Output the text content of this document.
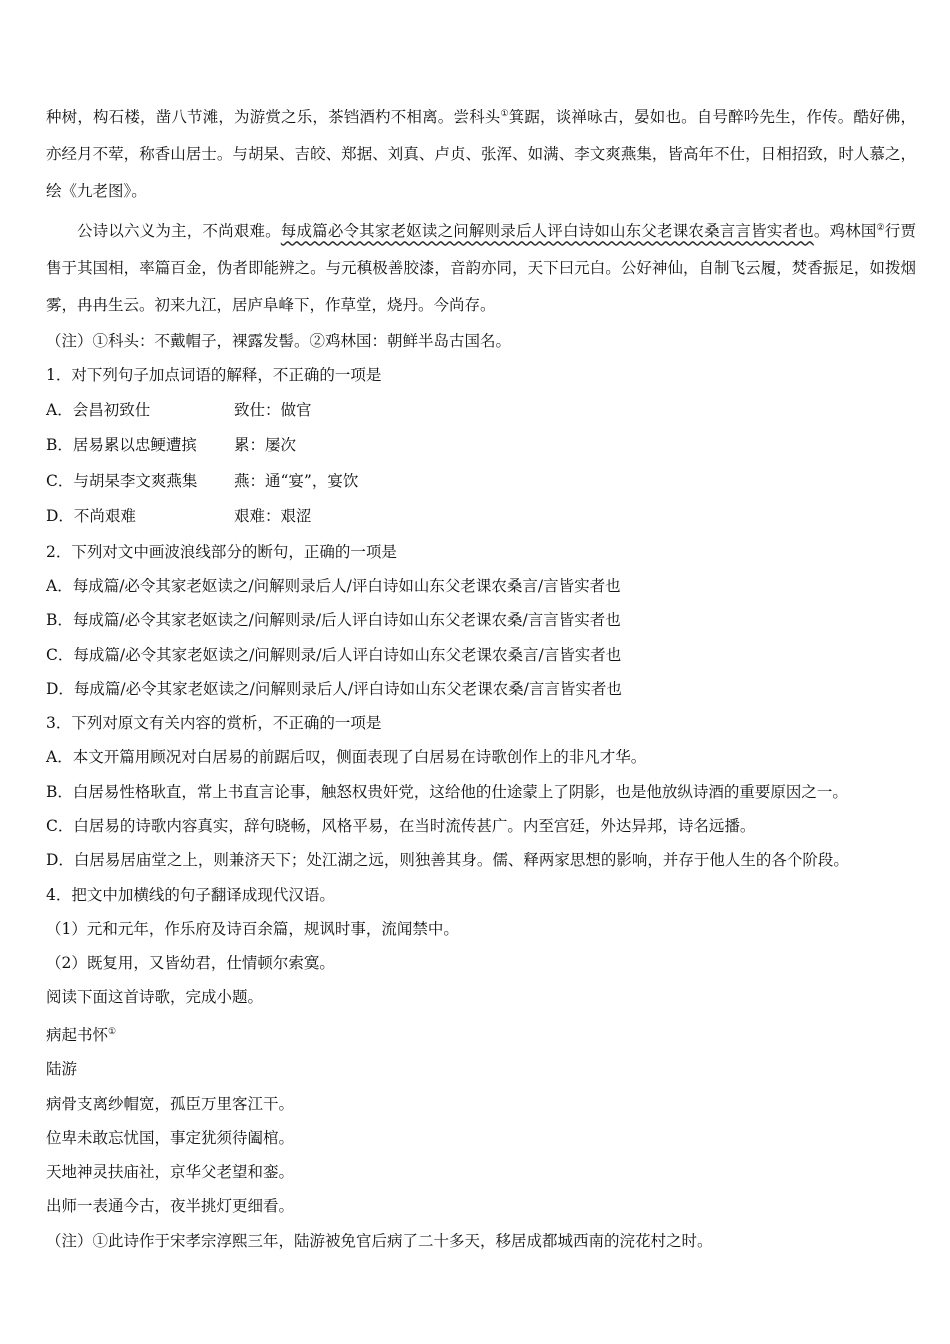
种树，构石楼，凿八节滩，为游赏之乐，茶铛酒杓不相离。尝科头①箕踞，谈禅咏古，晏如也。自号醉吟先生，作传。酷好佛，亦经月不荤，称香山居士。与胡杲、吉皎、郑据、刘真、卢贞、张浑、如满、李文爽燕集，皆高年不仕，日相招致，时人慕之，绘《九老图》。

公诗以六义为主，不尚艰难。每成篇必令其家老妪读之问解则录后人评白诗如山东父老课农桑言言皆实者也。鸡林国②行贾售于其国相，率篇百金，伪者即能辨之。与元稹极善胶漆，音韵亦同，天下曰元白。公好神仙，自制飞云履，焚香振足，如拨烟雾，冉冉生云。初来九江，居庐阜峰下，作草堂，烧丹。今尚存。

（注）①科头：不戴帽子，裸露发髻。②鸡林国：朝鲜半岛古国名。

1．对下列句子加点词语的解释，不正确的一项是

A．会昌初致仕	致仕：做官
B．居易累以忠鲠遭摈	累：屡次
C．与胡杲李文爽燕集	燕：通“宴”，宴饮
D．不尚艰难	艰难：艰涩

2．下列对文中画波浪线部分的断句，正确的一项是

A．每成篇/必令其家老妪读之/问解则录后人/评白诗如山东父老课农桑言/言皆实者也

B．每成篇/必令其家老妪读之/问解则录/后人评白诗如山东父老课农桑/言言皆实者也

C．每成篇/必令其家老妪读之/问解则录/后人评白诗如山东父老课农桑言/言皆实者也

D．每成篇/必令其家老妪读之/问解则录后人/评白诗如山东父老课农桑/言言皆实者也

3．下列对原文有关内容的赏析，不正确的一项是

A．本文开篇用顾况对白居易的前踞后叹，侧面表现了白居易在诗歌创作上的非凡才华。

B．白居易性格耿直，常上书直言论事，触怒权贵奸党，这给他的仕途蒙上了阴影，也是他放纵诗酒的重要原因之一。

C．白居易的诗歌内容真实，辞句晓畅，风格平易，在当时流传甚广。内至宫廷，外达异邦，诗名远播。

D．白居易居庙堂之上，则兼济天下；处江湖之远，则独善其身。儒、释两家思想的影响，并存于他人生的各个阶段。

4．把文中加横线的句子翻译成现代汉语。

（1）元和元年，作乐府及诗百余篇，规讽时事，流闻禁中。

（2）既复用，又皆幼君，仕情顿尔索寞。

阅读下面这首诗歌，完成小题。

病起书怀①

陆游

病骨支离纱帽宽，孤臣万里客江干。

位卑未敢忘忧国，事定犹须待阖棺。

天地神灵扶庙社，京华父老望和銮。

出师一表通今古，夜半挑灯更细看。

（注）①此诗作于宋孝宗淳熙三年，陆游被免官后病了二十多天，移居成都城西南的浣花村之时。
